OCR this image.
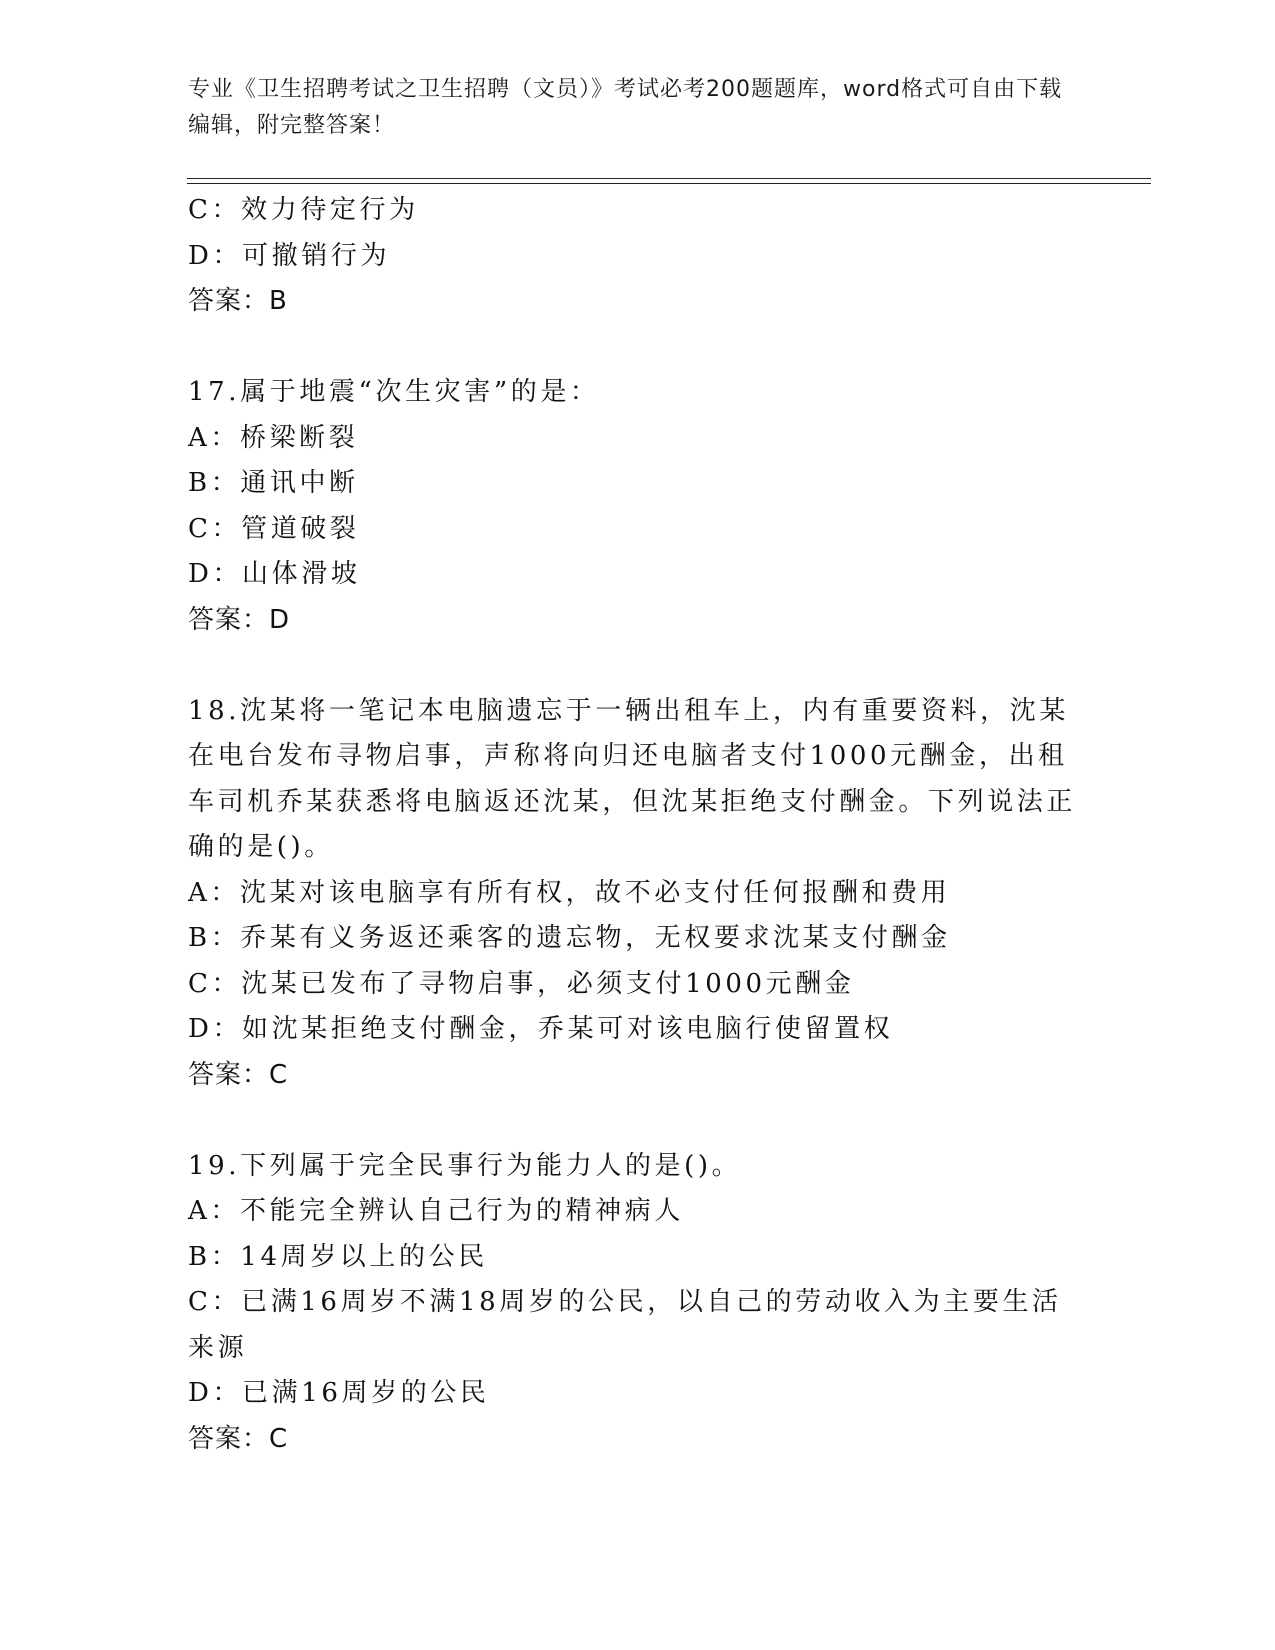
专业《卫生招聘考试之卫生招聘（文员）》考试必考200题题库，word格式可自由下载编辑，附完整答案！
C：效力待定行为
D：可撤销行为
答案：B
17.属于地震“次生灾害”的是：
A：桥梁断裂
B：通讯中断
C：管道破裂
D：山体滑坡
答案：D
18.沈某将一笔记本电脑遗忘于一辆出租车上，内有重要资料，沈某在电台发布寻物启事，声称将向归还电脑者支付1000元酬金，出租车司机乔某获悉将电脑返还沈某，但沈某拒绝支付酬金。下列说法正确的是()。
A：沈某对该电脑享有所有权，故不必支付任何报酬和费用
B：乔某有义务返还乘客的遗忘物，无权要求沈某支付酬金
C：沈某已发布了寻物启事，必须支付1000元酬金
D：如沈某拒绝支付酬金，乔某可对该电脑行使留置权
答案：C
19.下列属于完全民事行为能力人的是()。
A：不能完全辨认自己行为的精神病人
B：14周岁以上的公民
C：已满16周岁不满18周岁的公民，以自己的劳动收入为主要生活来源
D：已满16周岁的公民
答案：C
